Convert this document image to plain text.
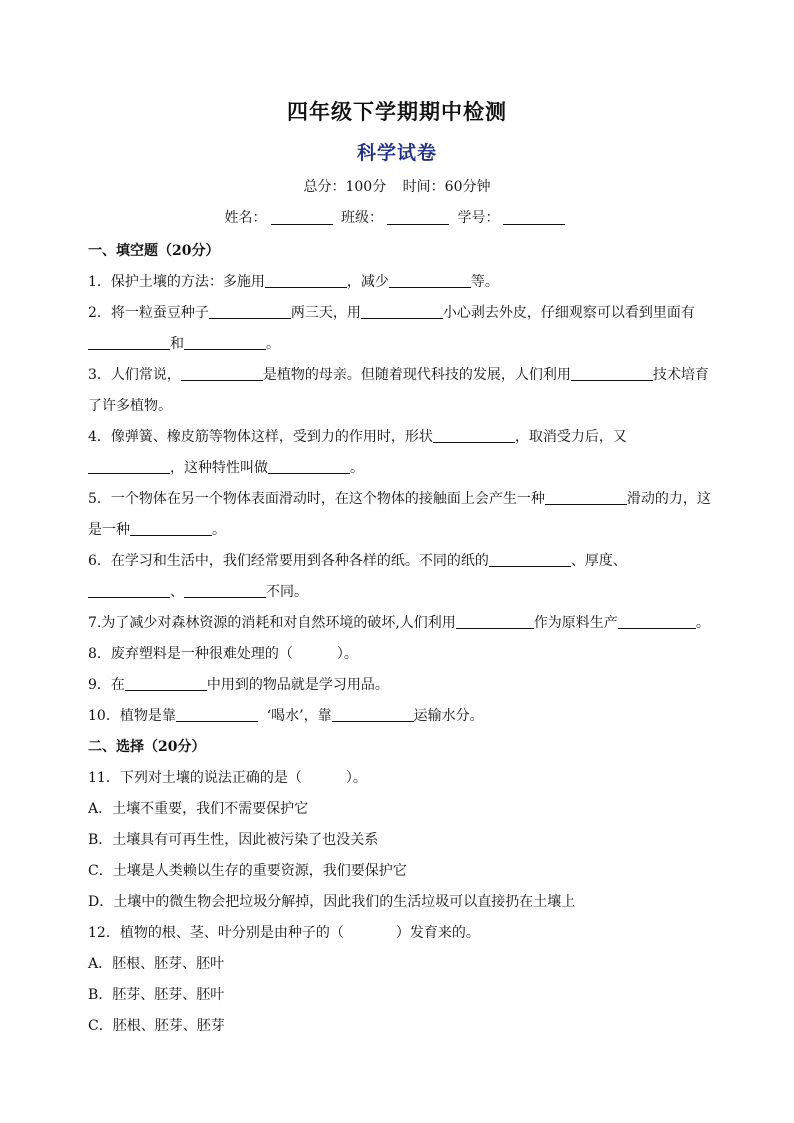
四年级下学期期中检测
科学试卷
总分：100分 时间：60分钟
姓名：	班级：	学号：
一、填空题（20分）
1．保护土壤的方法：多施用	，减少	等。
2．将一粒蚕豆种子	两三天，用	小心剥去外皮，仔细观察可以看到里面有
和	。
3．人们常说，	是植物的母亲。但随着现代科技的发展，人们利用	技术培育
了许多植物。
4．像弹簧、橡皮筋等物体这样，受到力的作用时，形状	，取消受力后，又
，这种特性叫做	。
5．一个物体在另一个物体表面滑动时，在这个物体的接触面上会产生一种	滑动的力，这
是一种	。
6．在学习和生活中，我们经常要用到各种各样的纸。不同的纸的	、厚度、
、	不同。
7.为了减少对森林资源的消耗和对自然环境的破坏,人们利用	作为原料生产	。
8．废弃塑料是一种很难处理的（	）。
9．在	中用到的物品就是学习用品。
10．植物是靠	‘喝水’，靠	运输水分。
二、选择（20分）
11．下列对土壤的说法正确的是（	）。
A．土壤不重要，我们不需要保护它
B．土壤具有可再生性，因此被污染了也没关系
C．土壤是人类赖以生存的重要资源，我们要保护它
D．土壤中的微生物会把垃圾分解掉，因此我们的生活垃圾可以直接扔在土壤上
12．植物的根、茎、叶分别是由种子的（	）发育来的。
A．胚根、胚芽、胚叶
B．胚芽、胚芽、胚叶
C．胚根、胚芽、胚芽
